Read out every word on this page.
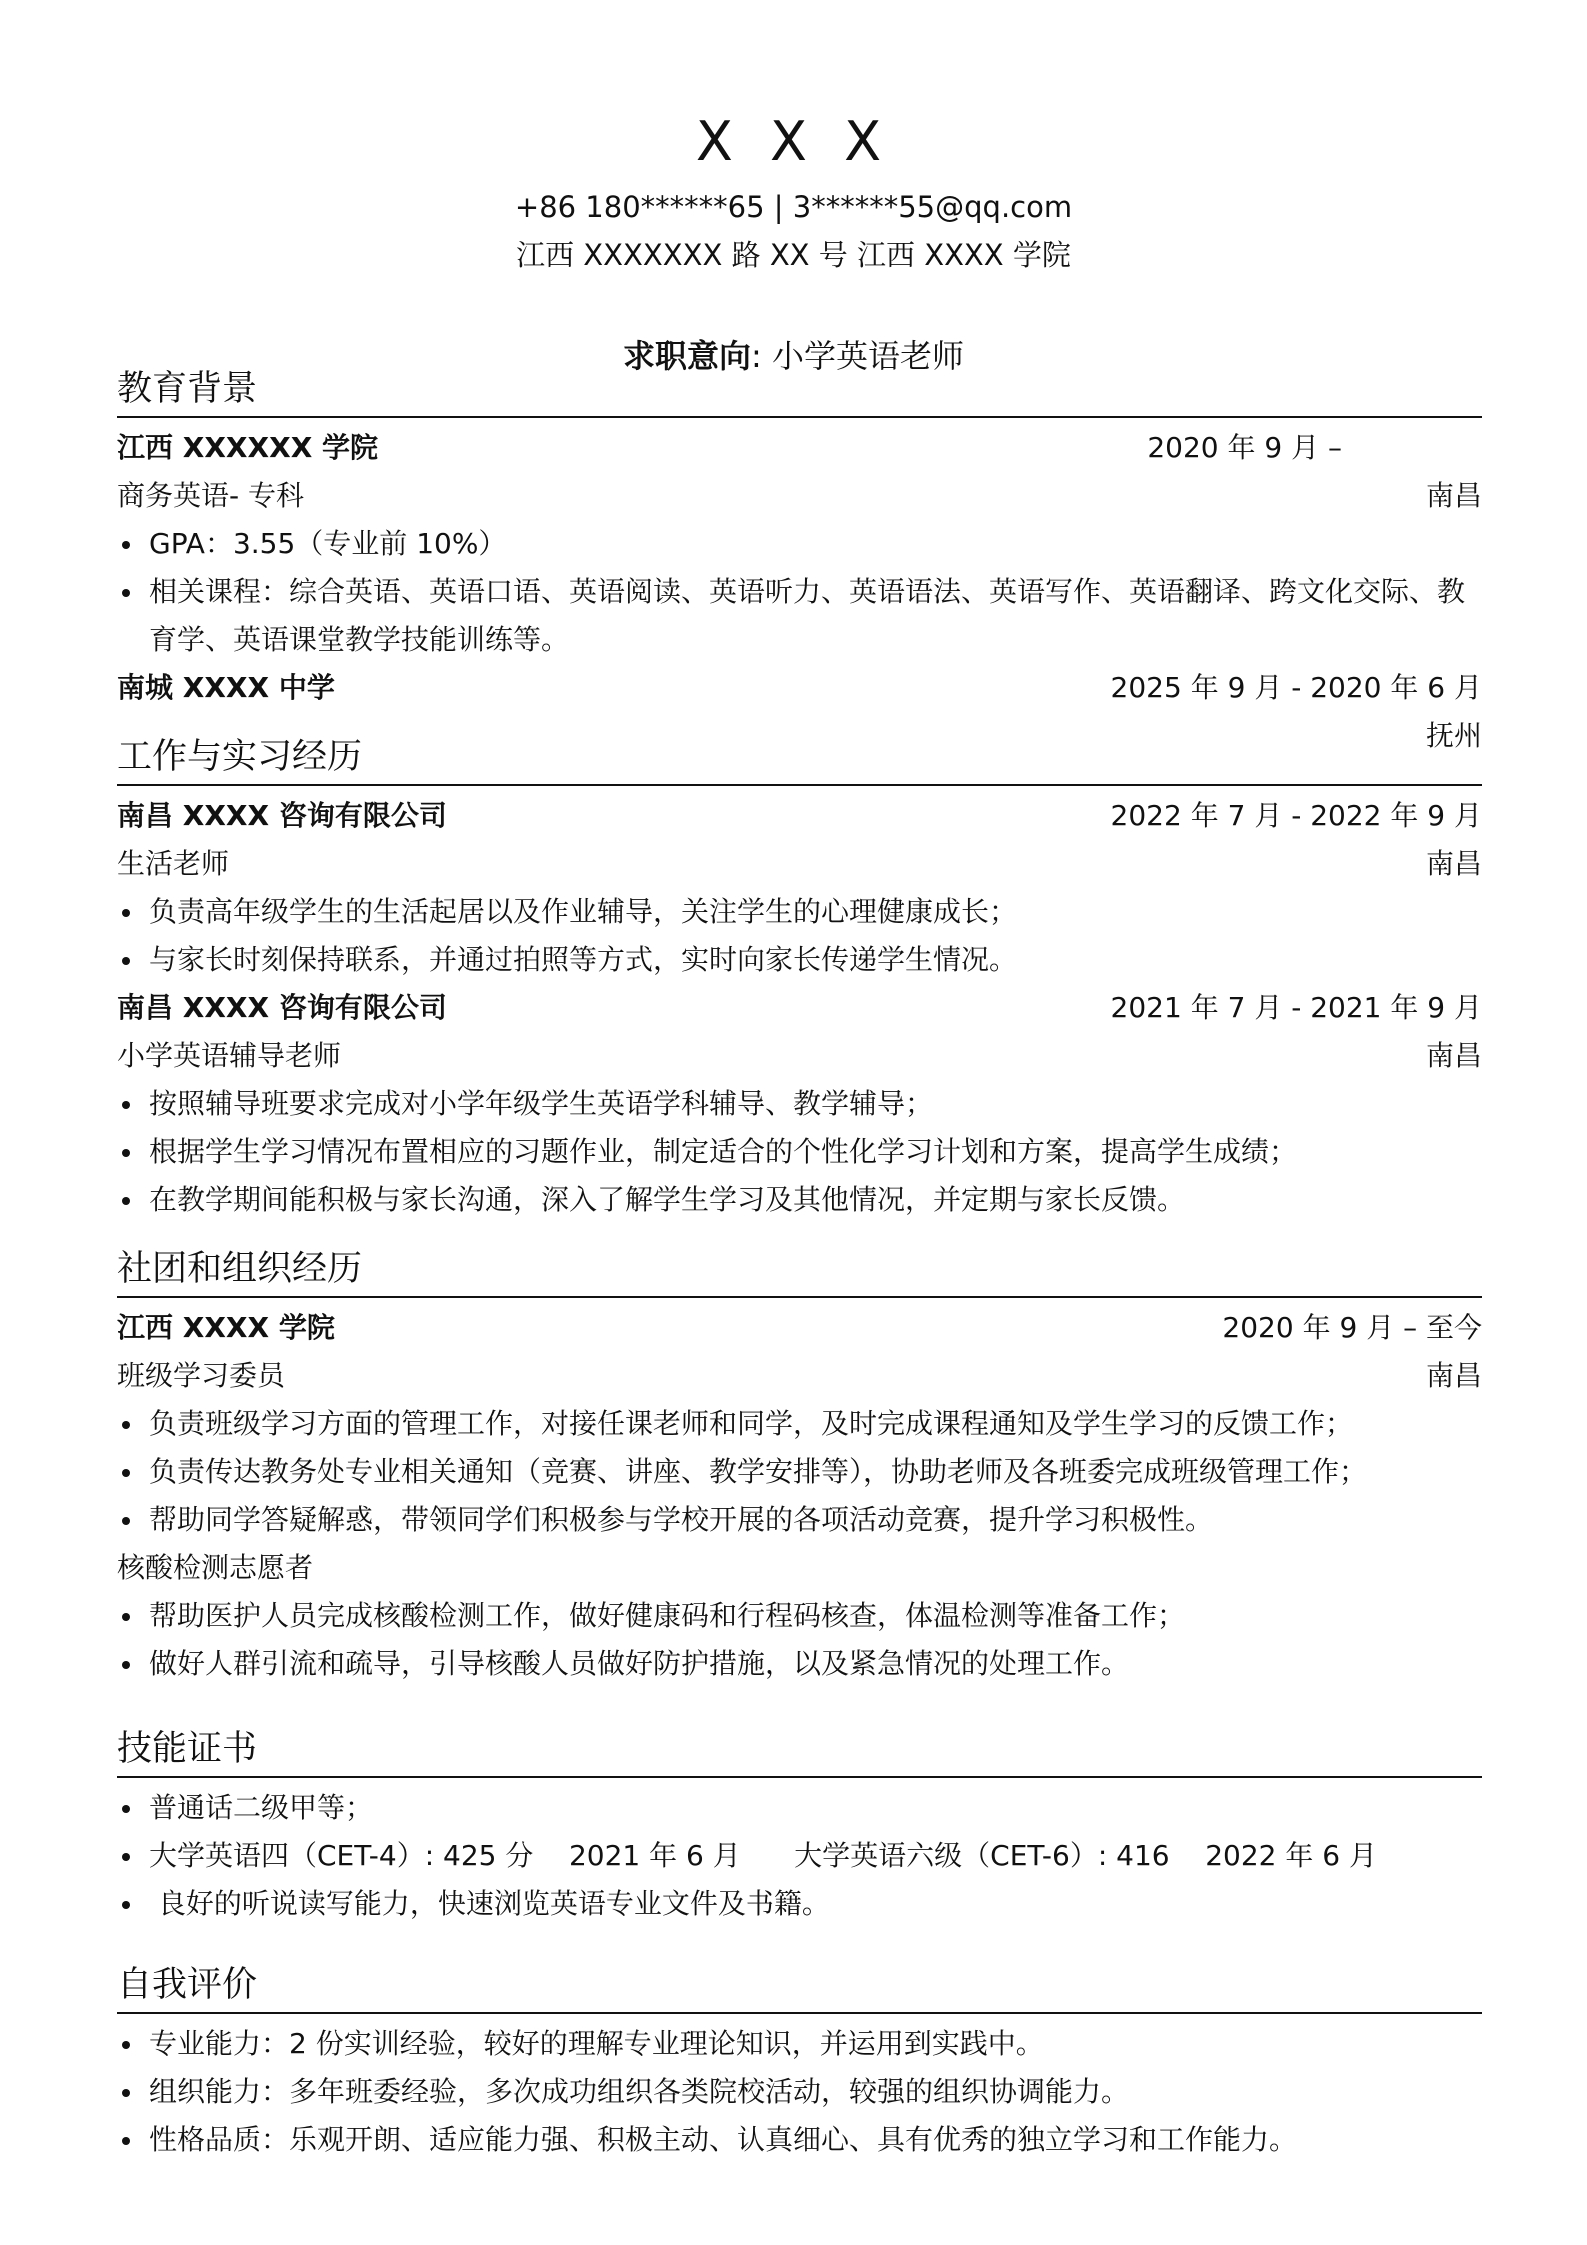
X X X
+86 180******65 | 3******55@qq.com
江西 XXXXXXX 路 XX 号 江西 XXXX 学院
求职意向: 小学英语老师
教育背景
江西 XXXXXX 学院	2020 年 9 月 –
商务英语- 专科	南昌
GPA：3.55（专业前 10%）
相关课程：综合英语、英语口语、英语阅读、英语听力、英语语法、英语写作、英语翻译、跨文化交际、教育学、英语课堂教学技能训练等。
南城 XXXX 中学	2025 年 9 月 - 2020 年 6 月
抚州
工作与实习经历
南昌 XXXX 咨询有限公司	2022 年 7 月 - 2022 年 9 月
生活老师	南昌
负责高年级学生的生活起居以及作业辅导，关注学生的心理健康成长；
与家长时刻保持联系，并通过拍照等方式，实时向家长传递学生情况。
南昌 XXXX 咨询有限公司	2021 年 7 月 - 2021 年 9 月
小学英语辅导老师	南昌
按照辅导班要求完成对小学年级学生英语学科辅导、教学辅导；
根据学生学习情况布置相应的习题作业，制定适合的个性化学习计划和方案，提高学生成绩；
在教学期间能积极与家长沟通，深入了解学生学习及其他情况，并定期与家长反馈。
社团和组织经历
江西 XXXX 学院	2020 年 9 月 – 至今
班级学习委员	南昌
负责班级学习方面的管理工作，对接任课老师和同学，及时完成课程通知及学生学习的反馈工作；
负责传达教务处专业相关通知（竞赛、讲座、教学安排等），协助老师及各班委完成班级管理工作；
帮助同学答疑解惑，带领同学们积极参与学校开展的各项活动竞赛，提升学习积极性。
核酸检测志愿者
帮助医护人员完成核酸检测工作，做好健康码和行程码核查，体温检测等准备工作；
做好人群引流和疏导，引导核酸人员做好防护措施，以及紧急情况的处理工作。
技能证书
普通话二级甲等；
大学英语四（CET-4）: 425 分    2021 年 6 月      大学英语六级（CET-6）: 416    2022 年 6 月
良好的听说读写能力，快速浏览英语专业文件及书籍。
自我评价
专业能力：2 份实训经验，较好的理解专业理论知识，并运用到实践中。
组织能力：多年班委经验，多次成功组织各类院校活动，较强的组织协调能力。
性格品质：乐观开朗、适应能力强、积极主动、认真细心、具有优秀的独立学习和工作能力。
